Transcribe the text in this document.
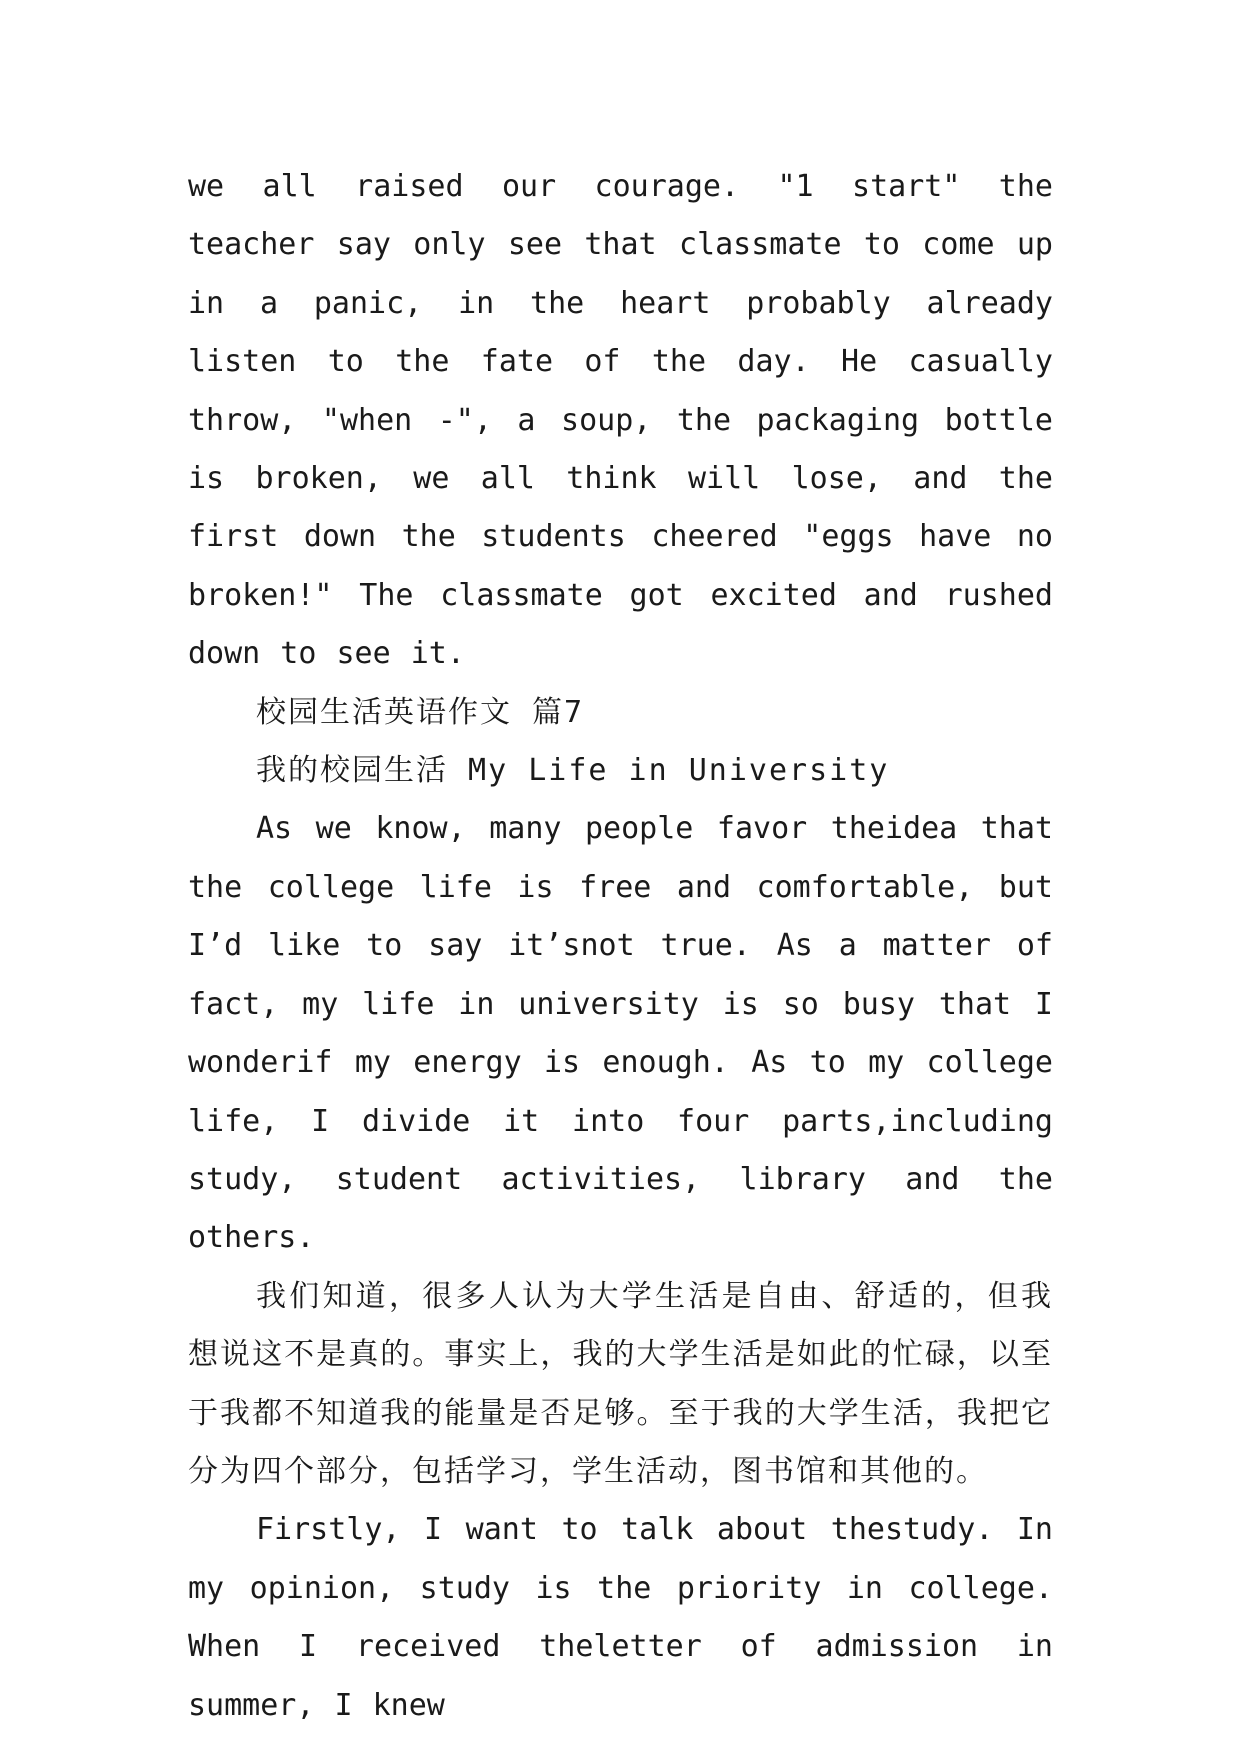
we all raised our courage. "1 start" the teacher say only see that classmate to come up in a panic, in the heart probably already listen to the fate of the day. He casually throw, "when -", a soup, the packaging bottle is broken, we all think will lose, and the first down the students cheered "eggs have no broken!" The classmate got excited and rushed down to see it.

校园生活英语作文 篇7

我的校园生活 My Life in University

As we know, many people favor theidea that the college life is free and comfortable, but I’d like to say it’snot true. As a matter of fact, my life in university is so busy that I wonderif my energy is enough. As to my college life, I divide it into four parts,including study, student activities, library and the others.

我们知道，很多人认为大学生活是自由、舒适的，但我想说这不是真的。事实上，我的大学生活是如此的忙碌，以至于我都不知道我的能量是否足够。至于我的大学生活，我把它分为四个部分，包括学习，学生活动，图书馆和其他的。

Firstly, I want to talk about thestudy. In my opinion, study is the priority in college. When I received theletter of admission in summer, I knew
